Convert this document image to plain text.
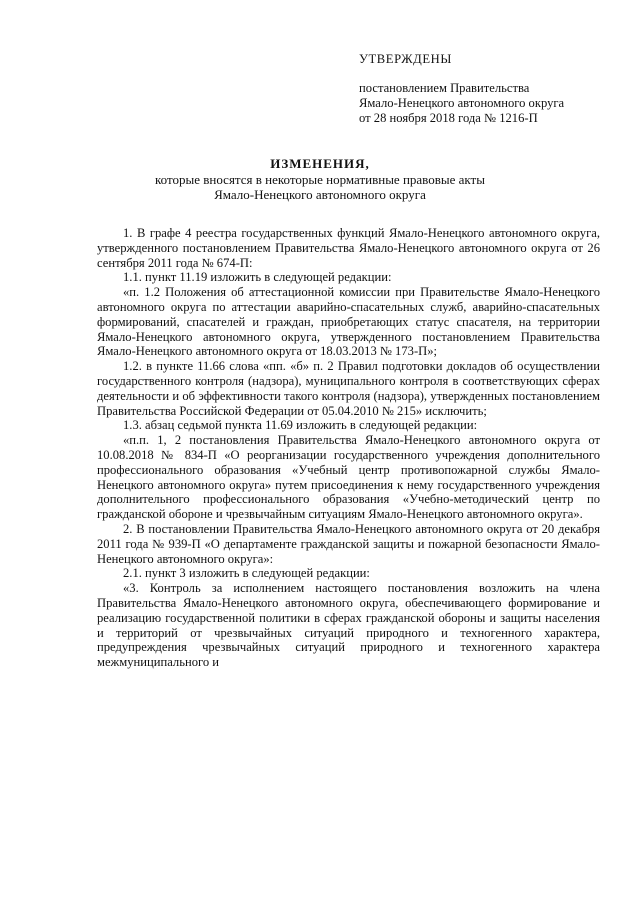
УТВЕРЖДЕНЫ
постановлением Правительства
Ямало-Ненецкого автономного округа
от 28 ноября 2018 года № 1216-П
ИЗМЕНЕНИЯ,
которые вносятся в некоторые нормативные правовые акты
Ямало-Ненецкого автономного округа

1. В графе 4 реестра государственных функций Ямало-Ненецкого автономного округа, утвержденного постановлением Правительства Ямало-Ненецкого автономного округа от 26 сентября 2011 года № 674-П:

1.1. пункт 11.19 изложить в следующей редакции:

«п. 1.2 Положения об аттестационной комиссии при Правительстве Ямало-Ненецкого автономного округа по аттестации аварийно-спасательных служб, аварийно-спасательных формирований, спасателей и граждан, приобретающих статус спасателя, на территории Ямало-Ненецкого автономного округа, утвержденного постановлением Правительства Ямало-Ненецкого автономного округа от 18.03.2013 № 173-П»;

1.2. в пункте 11.66 слова «пп. «б» п. 2 Правил подготовки докладов об осуществлении государственного контроля (надзора), муниципального контроля в соответствующих сферах деятельности и об эффективности такого контроля (надзора), утвержденных постановлением Правительства Российской Федерации от 05.04.2010 № 215» исключить;

1.3. абзац седьмой пункта 11.69 изложить в следующей редакции:

«п.п. 1, 2 постановления Правительства Ямало-Ненецкого автономного округа от 10.08.2018 № 834-П «О реорганизации государственного учреждения дополнительного профессионального образования «Учебный центр противопожарной службы Ямало-Ненецкого автономного округа» путем присоединения к нему государственного учреждения дополнительного профессионального образования «Учебно-методический центр по гражданской обороне и чрезвычайным ситуациям Ямало-Ненецкого автономного округа».

2. В постановлении Правительства Ямало-Ненецкого автономного округа от 20 декабря 2011 года № 939-П «О департаменте гражданской защиты и пожарной безопасности Ямало-Ненецкого автономного округа»:

2.1. пункт 3 изложить в следующей редакции:

«3. Контроль за исполнением настоящего постановления возложить на члена Правительства Ямало-Ненецкого автономного округа, обеспечивающего формирование и реализацию государственной политики в сферах гражданской обороны и защиты населения и территорий от чрезвычайных ситуаций природного и техногенного характера, предупреждения чрезвычайных ситуаций природного и техногенного характера межмуниципального и
